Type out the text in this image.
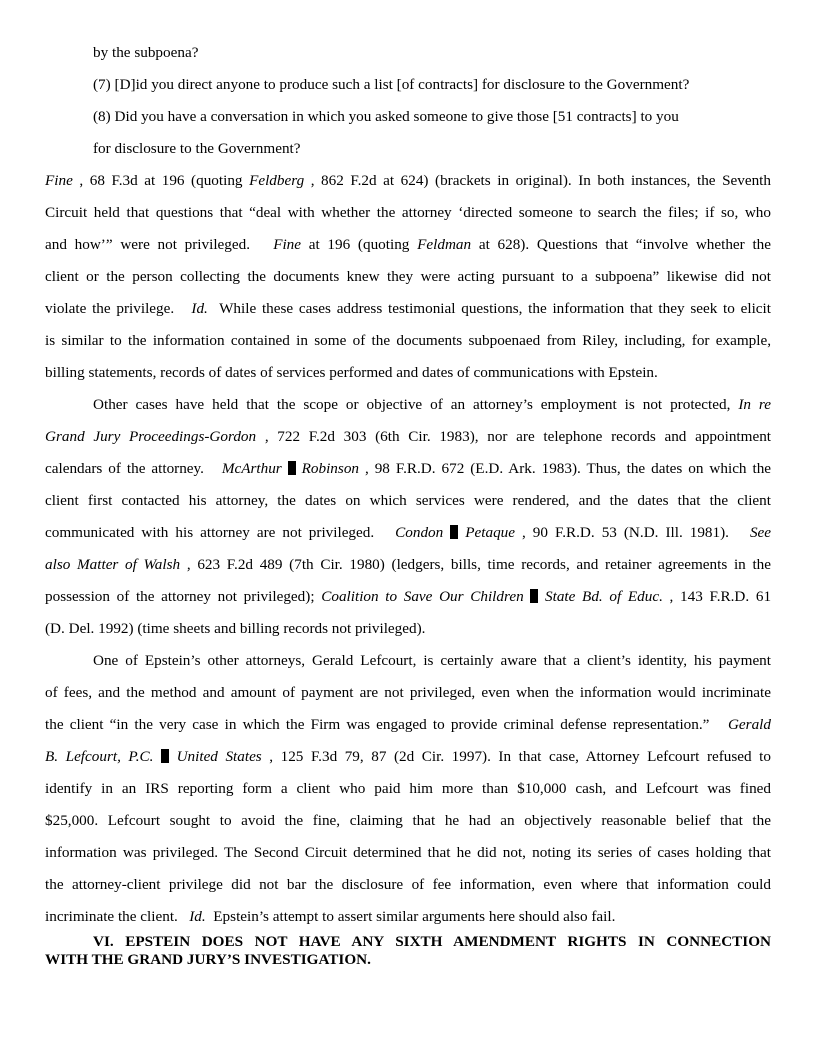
by the subpoena?
(7) [D]id you direct anyone to produce such a list [of contracts] for disclosure to the Government?
(8) Did you have a conversation in which you asked someone to give those [51 contracts] to you
for disclosure to the Government?
Fine , 68 F.3d at 196 (quoting Feldberg , 862 F.2d at 624) (brackets in original). In both instances, the Seventh
Circuit held that questions that “deal with whether the attorney ‘directed someone to search the files; if so, who
and how’” were not privileged. Fine at 196 (quoting Feldman at 628). Questions that “involve whether the
client or the person collecting the documents knew they were acting pursuant to a subpoena” likewise did not
violate the privilege. Id. While these cases address testimonial questions, the information that they seek to elicit
is similar to the information contained in some of the documents subpoenaed from Riley, including, for example,
billing statements, records of dates of services performed and dates of communications with Epstein.
Other cases have held that the scope or objective of an attorney’s employment is not protected, In re
Grand Jury Proceedings-Gordon , 722 F.2d 303 (6th Cir. 1983), nor are telephone records and appointment
calendars of the attorney. McArthur Robinson , 98 F.R.D. 672 (E.D. Ark. 1983). Thus, the dates on which the
client first contacted his attorney, the dates on which services were rendered, and the dates that the client
communicated with his attorney are not privileged. Condon Petaque , 90 F.R.D. 53 (N.D. Ill. 1981). See
also Matter of Walsh , 623 F.2d 489 (7th Cir. 1980) (ledgers, bills, time records, and retainer agreements in the
possession of the attorney not privileged); Coalition to Save Our Children State Bd. of Educ. , 143 F.R.D. 61
(D. Del. 1992) (time sheets and billing records not privileged).
One of Epstein’s other attorneys, Gerald Lefcourt, is certainly aware that a client’s identity, his payment
of fees, and the method and amount of payment are not privileged, even when the information would incriminate
the client “in the very case in which the Firm was engaged to provide criminal defense representation.” Gerald
B. Lefcourt, P.C. United States , 125 F.3d 79, 87 (2d Cir. 1997). In that case, Attorney Lefcourt refused to
identify in an IRS reporting form a client who paid him more than $10,000 cash, and Lefcourt was fined
$25,000. Lefcourt sought to avoid the fine, claiming that he had an objectively reasonable belief that the
information was privileged. The Second Circuit determined that he did not, noting its series of cases holding that
the attorney-client privilege did not bar the disclosure of fee information, even where that information could
incriminate the client. Id. Epstein’s attempt to assert similar arguments here should also fail.
VI. EPSTEIN DOES NOT HAVE ANY SIXTH AMENDMENT RIGHTS IN CONNECTION
WITH THE GRAND JURY’S INVESTIGATION.
